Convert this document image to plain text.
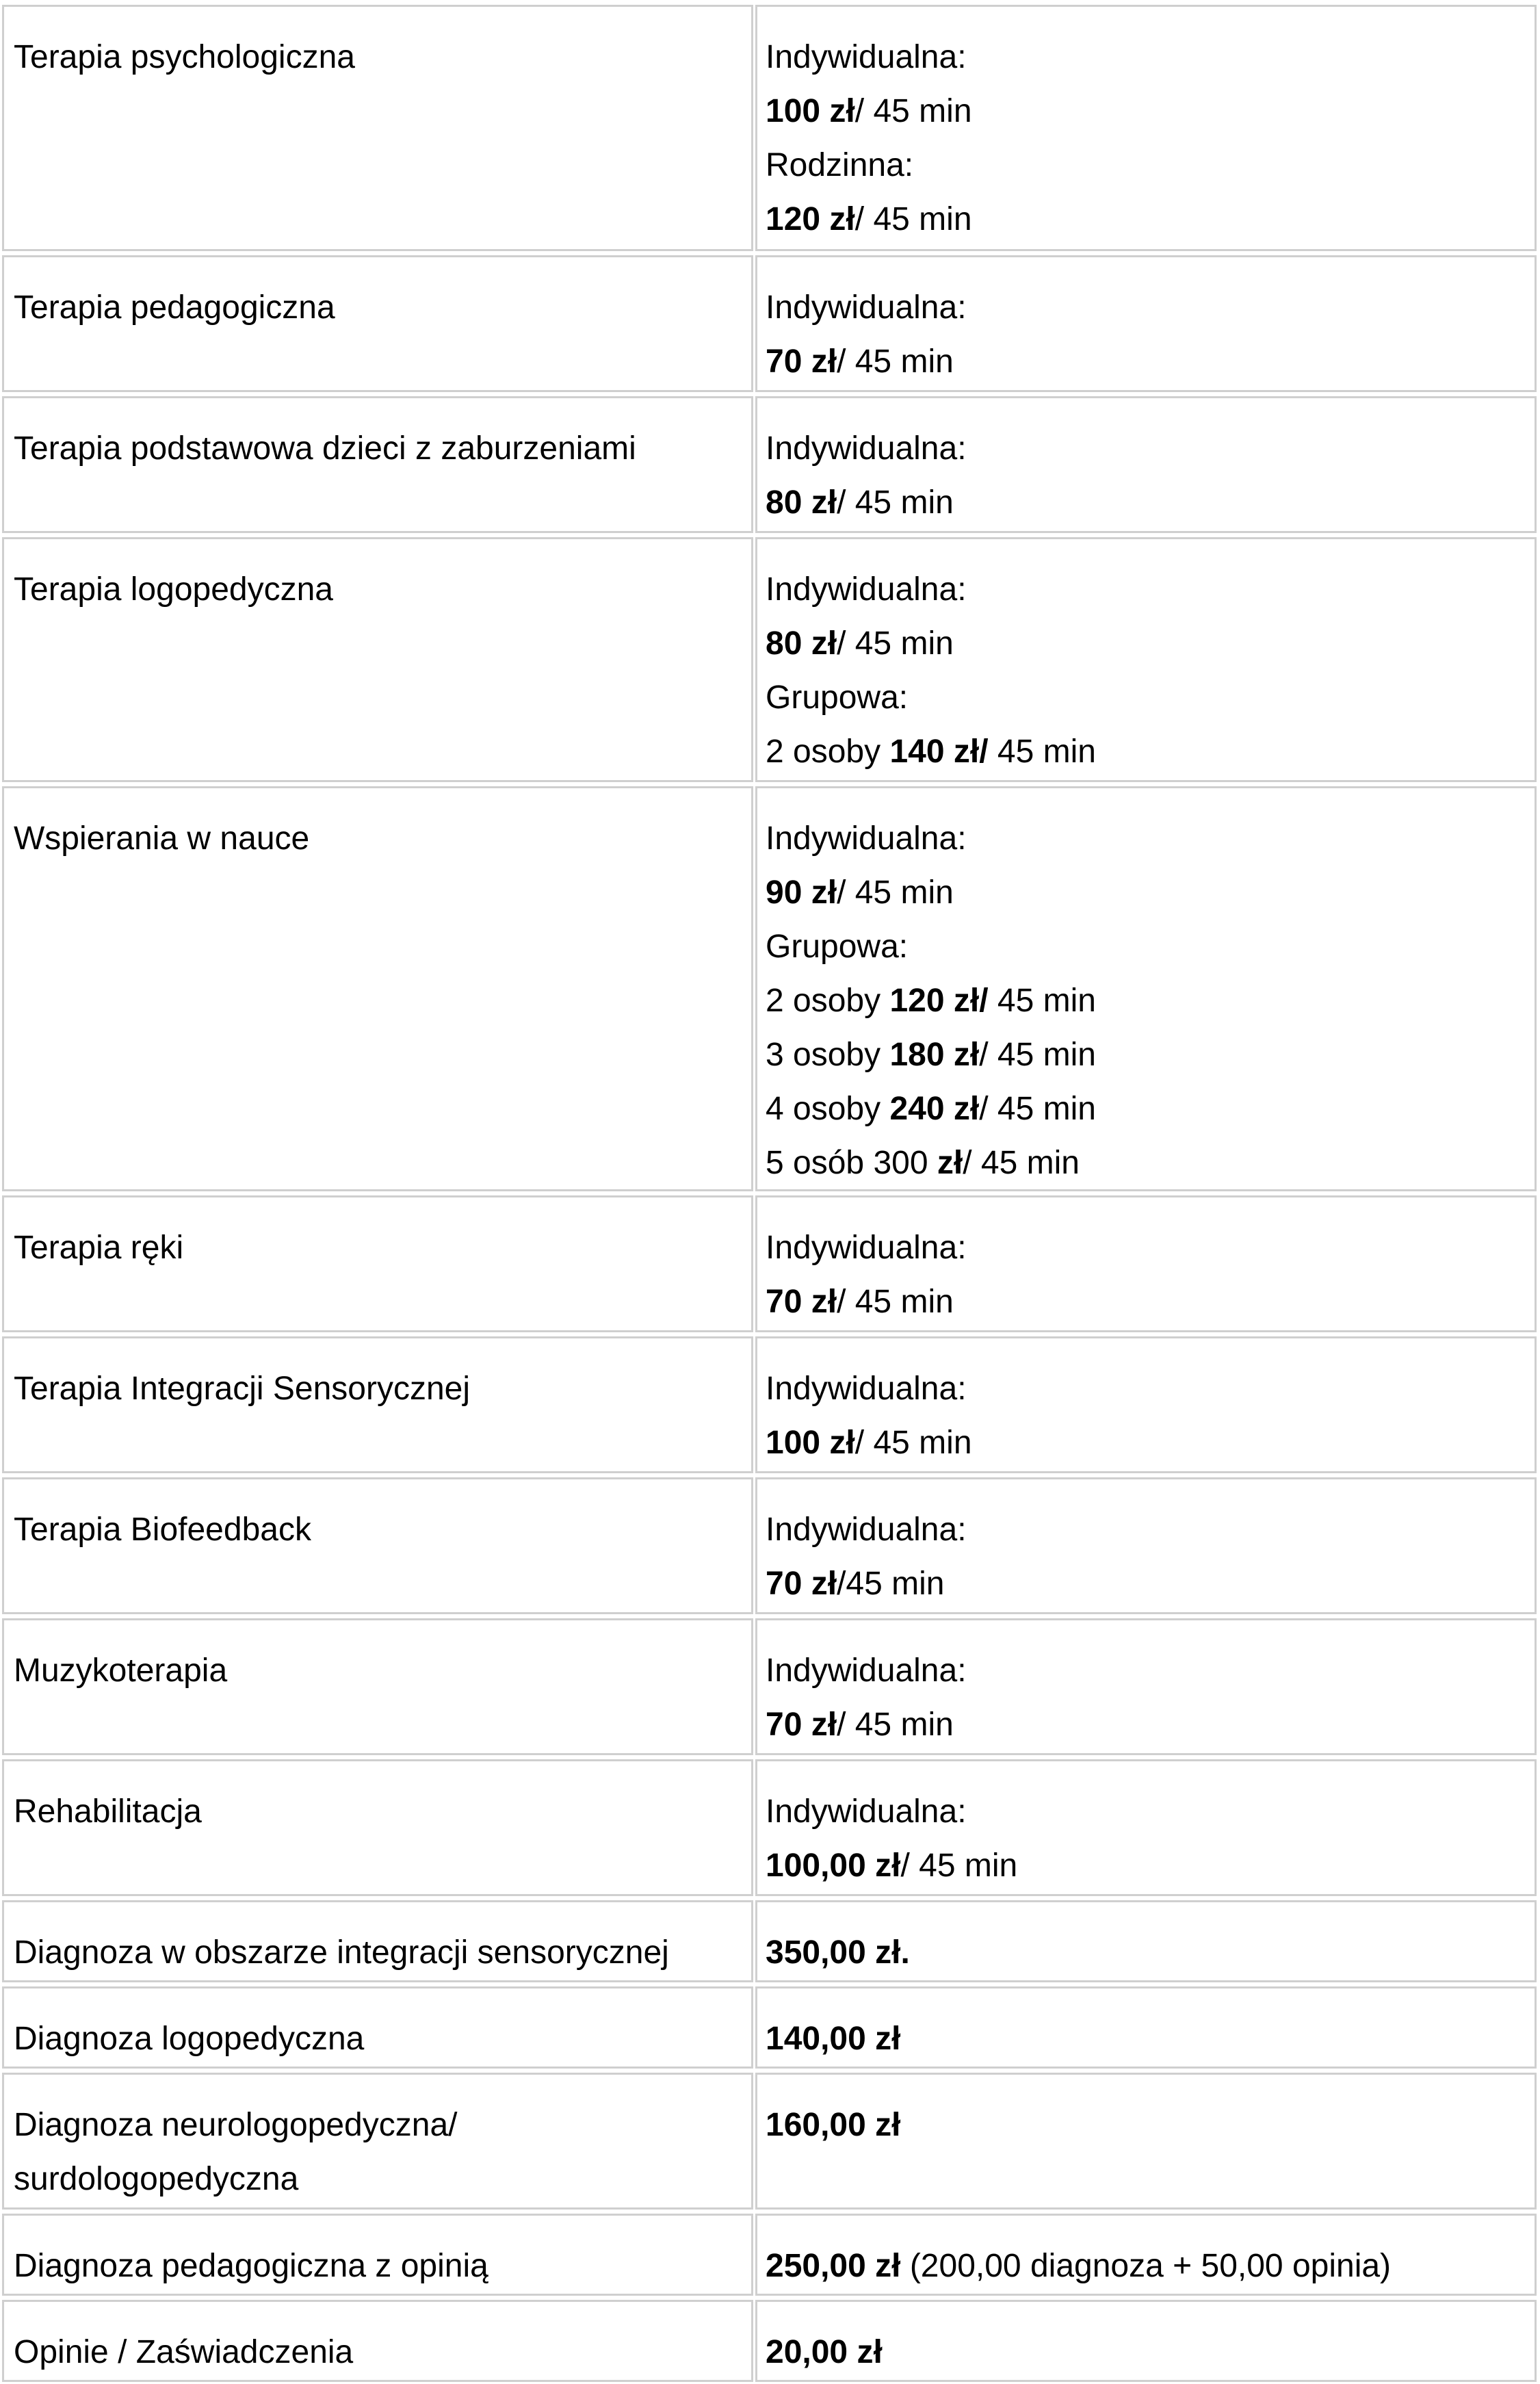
Terapia psychologiczna	Indywidualna:
100 zł/ 45 min
Rodzinna:
120 zł/ 45 min
Terapia pedagogiczna	Indywidualna:
70 zł/ 45 min
Terapia podstawowa dzieci z zaburzeniami	Indywidualna:
80 zł/ 45 min
Terapia logopedyczna	Indywidualna:
80 zł/ 45 min
Grupowa:
2 osoby 140 zł/ 45 min
Wspierania w nauce	Indywidualna:
90 zł/ 45 min
Grupowa:
2 osoby 120 zł/ 45 min
3 osoby 180 zł/ 45 min
4 osoby 240 zł/ 45 min
5 osób 300 zł/ 45 min
Terapia ręki	Indywidualna:
70 zł/ 45 min
Terapia Integracji Sensorycznej	Indywidualna:
100 zł/ 45 min
Terapia Biofeedback	Indywidualna:
70 zł/45 min
Muzykoterapia	Indywidualna:
70 zł/ 45 min
Rehabilitacja	Indywidualna:
100,00 zł/ 45 min
Diagnoza w obszarze integracji sensorycznej	350,00 zł.
Diagnoza logopedyczna	140,00 zł
Diagnoza neurologopedyczna/
surdologopedyczna
160,00 zł
Diagnoza pedagogiczna z opinią	250,00 zł (200,00 diagnoza + 50,00 opinia)
Opinie / Zaświadczenia	20,00 zł
